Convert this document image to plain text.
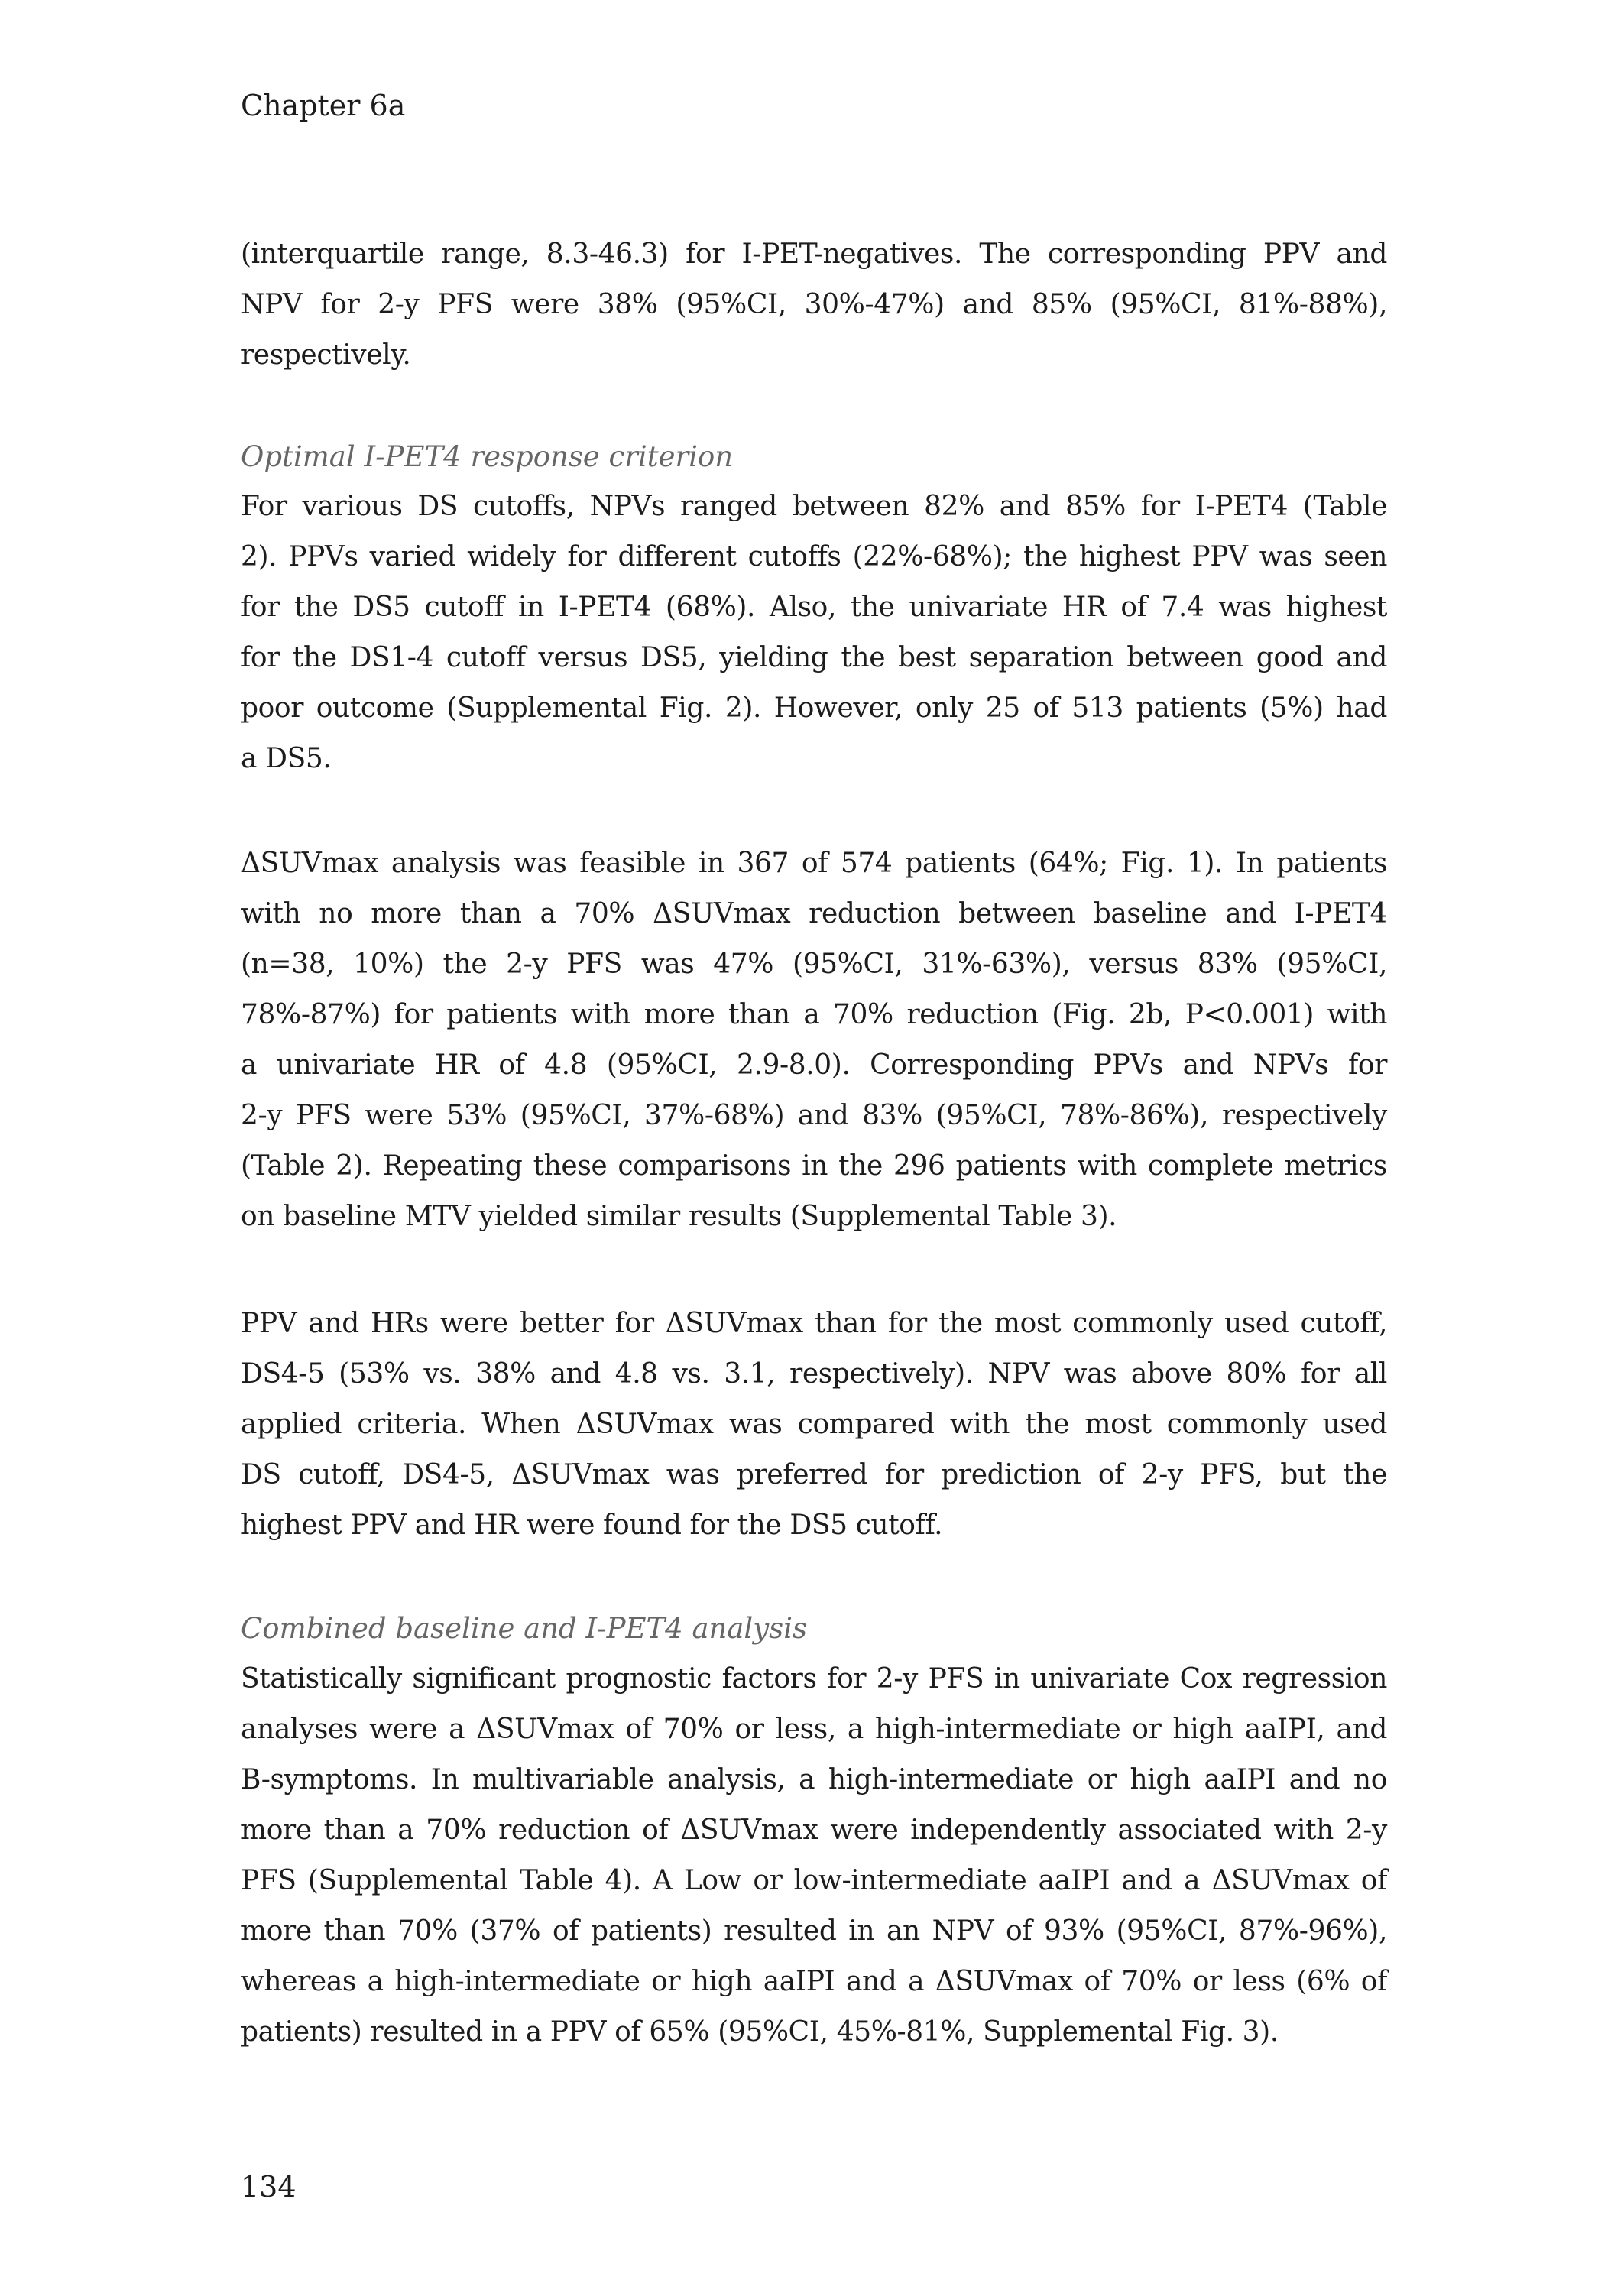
Chapter 6a
(interquartile range, 8.3-46.3) for I-PET-negatives. The corresponding PPV and
NPV for 2-y PFS were 38% (95%CI, 30%-47%) and 85% (95%CI, 81%-88%),
respectively.
Optimal I-PET4 response criterion
For various DS cutoffs, NPVs ranged between 82% and 85% for I-PET4 (Table
2). PPVs varied widely for different cutoffs (22%-68%); the highest PPV was seen
for the DS5 cutoff in I-PET4 (68%). Also, the univariate HR of 7.4 was highest
for the DS1-4 cutoff versus DS5, yielding the best separation between good and
poor outcome (Supplemental Fig. 2). However, only 25 of 513 patients (5%) had
a DS5.
ΔSUVmax analysis was feasible in 367 of 574 patients (64%; Fig. 1). In patients
with no more than a 70% ΔSUVmax reduction between baseline and I-PET4
(n=38, 10%) the 2-y PFS was 47% (95%CI, 31%-63%), versus 83% (95%CI,
78%-87%) for patients with more than a 70% reduction (Fig. 2b, P<0.001) with
a univariate HR of 4.8 (95%CI, 2.9-8.0). Corresponding PPVs and NPVs for
2-y PFS were 53% (95%CI, 37%-68%) and 83% (95%CI, 78%-86%), respectively
(Table 2). Repeating these comparisons in the 296 patients with complete metrics
on baseline MTV yielded similar results (Supplemental Table 3).
PPV and HRs were better for ΔSUVmax than for the most commonly used cutoff,
DS4-5 (53% vs. 38% and 4.8 vs. 3.1, respectively). NPV was above 80% for all
applied criteria. When ΔSUVmax was compared with the most commonly used
DS cutoff, DS4-5, ΔSUVmax was preferred for prediction of 2-y PFS, but the
highest PPV and HR were found for the DS5 cutoff.
Combined baseline and I-PET4 analysis
Statistically significant prognostic factors for 2-y PFS in univariate Cox regression
analyses were a ΔSUVmax of 70% or less, a high-intermediate or high aaIPI, and
B-symptoms. In multivariable analysis, a high-intermediate or high aaIPI and no
more than a 70% reduction of ΔSUVmax were independently associated with 2-y
PFS (Supplemental Table 4). A Low or low-intermediate aaIPI and a ΔSUVmax of
more than 70% (37% of patients) resulted in an NPV of 93% (95%CI, 87%-96%),
whereas a high-intermediate or high aaIPI and a ΔSUVmax of 70% or less (6% of
patients) resulted in a PPV of 65% (95%CI, 45%-81%, Supplemental Fig. 3).
134
